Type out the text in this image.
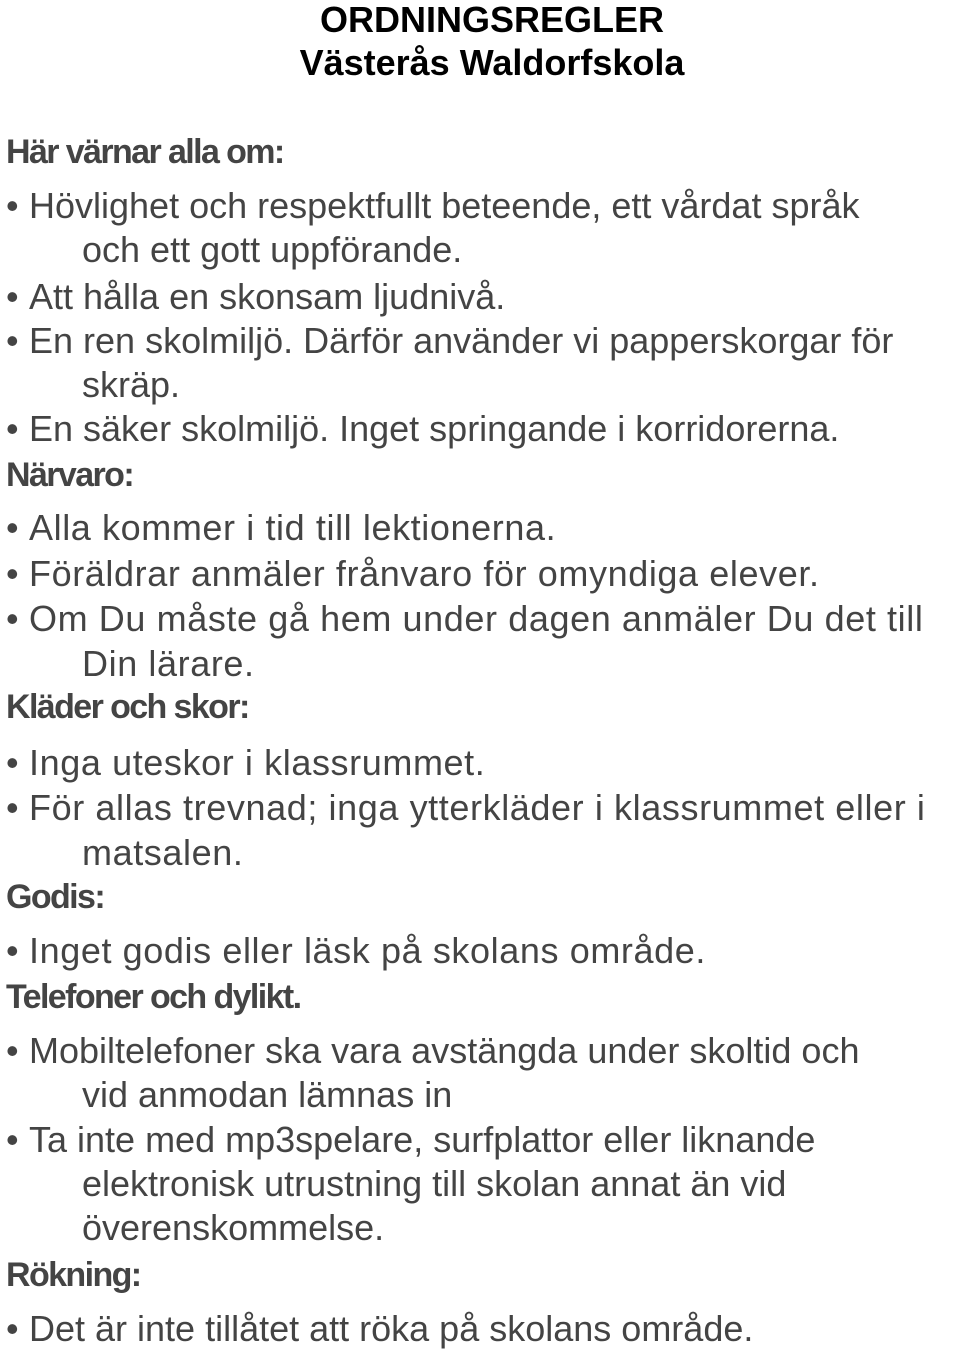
ORDNINGSREGLER
Västerås Waldorfskola
Här värnar alla om:
• Hövlighet och respektfullt beteende, ett vårdat språk
och ett gott uppförande.
• Att hålla en skonsam ljudnivå.
• En ren skolmiljö. Därför använder vi papperskorgar för
skräp.
• En säker skolmiljö. Inget springande i korridorerna.
Närvaro:
• Alla kommer i tid till lektionerna.
• Föräldrar anmäler frånvaro för omyndiga elever.
• Om Du måste gå hem under dagen anmäler Du det till
Din lärare.
Kläder och skor:
• Inga uteskor i klassrummet.
• För allas trevnad; inga ytterkläder i klassrummet eller i
matsalen.
Godis:
• Inget godis eller läsk på skolans område.
Telefoner och dylikt.
• Mobiltelefoner ska vara avstängda under skoltid och
vid anmodan lämnas in
• Ta inte med mp3spelare, surfplattor eller liknande
elektronisk utrustning till skolan annat än vid
överenskommelse.
Rökning:
• Det är inte tillåtet att röka på skolans område.
